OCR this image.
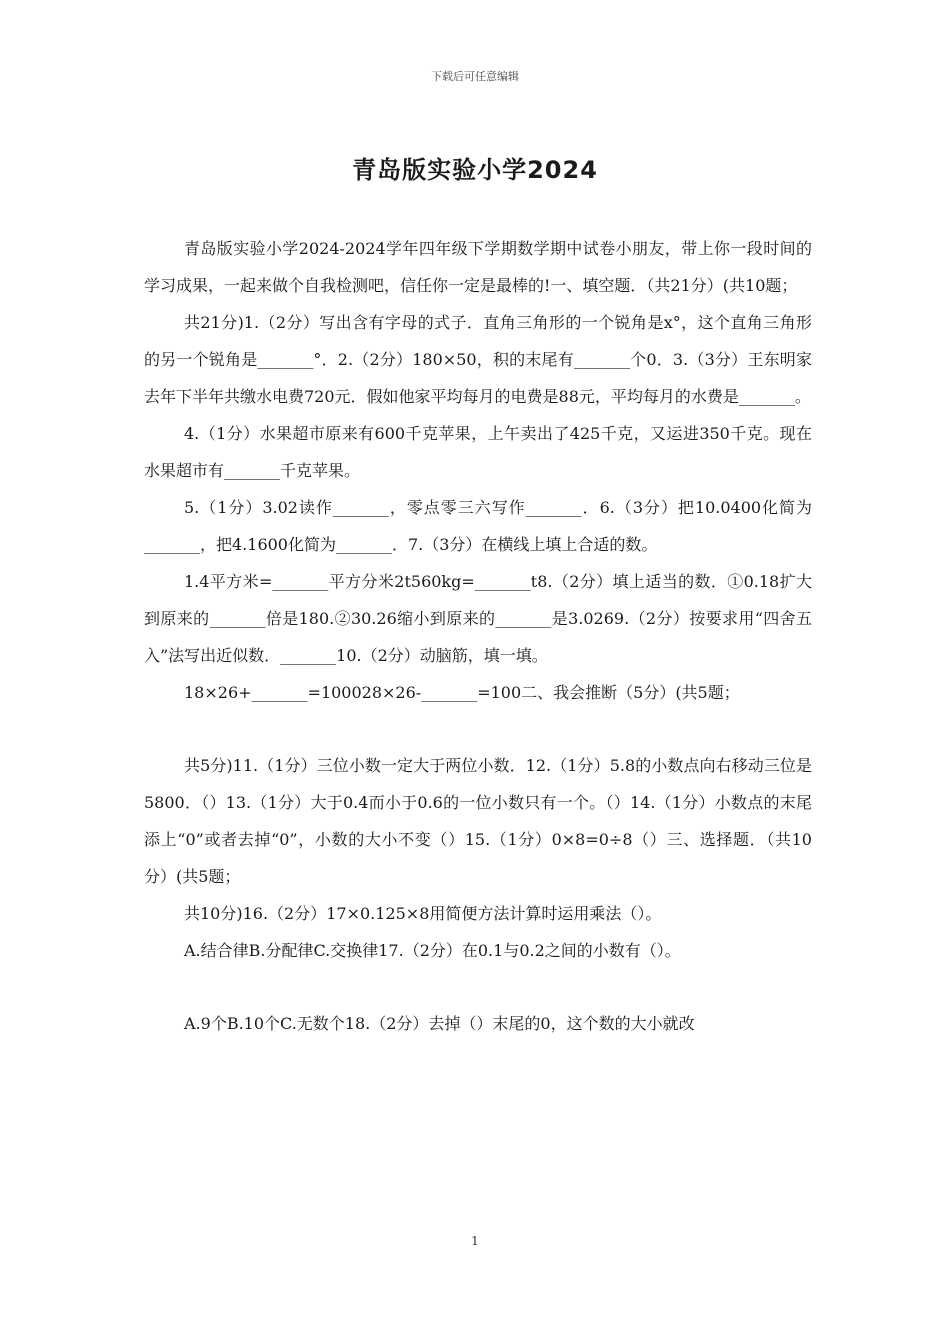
下载后可任意编辑
青岛版实验小学2024

青岛版实验小学2024-2024学年四年级下学期数学期中试卷小朋友，带上你一段时间的学习成果，一起来做个自我检测吧，信任你一定是最棒的!一、填空题．（共21分）(共10题；

共21分)1.（2分）写出含有字母的式子．直角三角形的一个锐角是x°，这个直角三角形的另一个锐角是_______°．2.（2分）180×50，积的末尾有_______个0．3.（3分）王东明家去年下半年共缴水电费720元．假如他家平均每月的电费是88元，平均每月的水费是_______。

4.（1分）水果超市原来有600千克苹果，上午卖出了425千克，又运进350千克。现在水果超市有_______千克苹果。

5.（1分）3.02读作_______，零点零三六写作_______．6.（3分）把10.0400化简为_______，把4.1600化简为_______．7.（3分）在横线上填上合适的数。

1.4平方米=_______平方分米2t560kg=_______t8.（2分）填上适当的数．①0.18扩大到原来的_______倍是180.②30.26缩小到原来的_______是3.0269.（2分）按要求用“四舍五入”法写出近似数．_______10.（2分）动脑筋，填一填。

18×26+_______=100028×26-_______=100二、我会推断（5分）(共5题；

共5分)11.（1分）三位小数一定大于两位小数．12.（1分）5.8的小数点向右移动三位是5800．（）13.（1分）大于0.4而小于0.6的一位小数只有一个。（）14.（1分）小数点的末尾添上“0”或者去掉“0”，小数的大小不变（）15.（1分）0×8=0÷8（）三、选择题．（共10分）(共5题；

共10分)16.（2分）17×0.125×8用简便方法计算时运用乘法（）。

A.结合律B.分配律C.交换律17.（2分）在0.1与0.2之间的小数有（）。

A.9个B.10个C.无数个18.（2分）去掉（）末尾的0，这个数的大小就改

1
